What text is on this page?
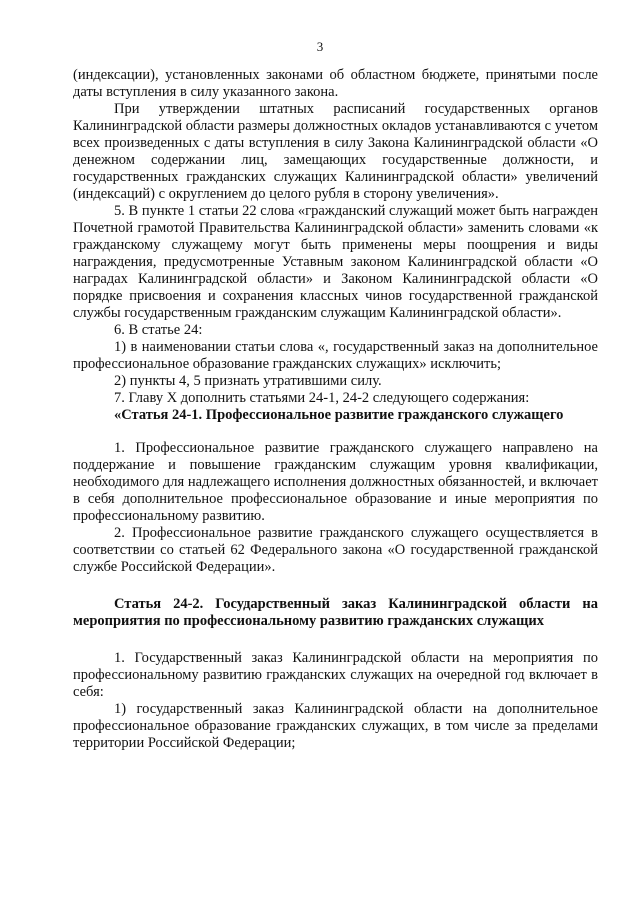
3

(индексации), установленных законами об областном бюджете, принятыми после даты вступления в силу указанного закона.

При утверждении штатных расписаний государственных органов Калининградской области размеры должностных окладов устанавливаются с учетом всех произведенных с даты вступления в силу Закона Калининградской области «О денежном содержании лиц, замещающих государственные должности, и государственных гражданских служащих Калининградской области» увеличений (индексаций) с округлением до целого рубля в сторону увеличения».

5. В пункте 1 статьи 22 слова «гражданский служащий может быть награжден Почетной грамотой Правительства Калининградской области» заменить словами «к гражданскому служащему могут быть применены меры поощрения и виды награждения, предусмотренные Уставным законом Калининградской области «О наградах Калининградской области» и Законом Калининградской области «О порядке присвоения и сохранения классных чинов государственной гражданской службы государственным гражданским служащим Калининградской области».

6. В статье 24:

1) в наименовании статьи слова «, государственный заказ на дополнительное профессиональное образование гражданских служащих» исключить;

2) пункты 4, 5 признать утратившими силу.

7. Главу X дополнить статьями 24-1, 24-2 следующего содержания:

«Статья 24-1. Профессиональное развитие гражданского служащего

1. Профессиональное развитие гражданского служащего направлено на поддержание и повышение гражданским служащим уровня квалификации, необходимого для надлежащего исполнения должностных обязанностей, и включает в себя дополнительное профессиональное образование и иные мероприятия по профессиональному развитию.

2. Профессиональное развитие гражданского служащего осуществляется в соответствии со статьей 62 Федерального закона «О государственной гражданской службе Российской Федерации».

Статья 24-2. Государственный заказ Калининградской области на мероприятия по профессиональному развитию гражданских служащих

1. Государственный заказ Калининградской области на мероприятия по профессиональному развитию гражданских служащих на очередной год включает в себя:

1) государственный заказ Калининградской области на дополнительное профессиональное образование гражданских служащих, в том числе за пределами территории Российской Федерации;
